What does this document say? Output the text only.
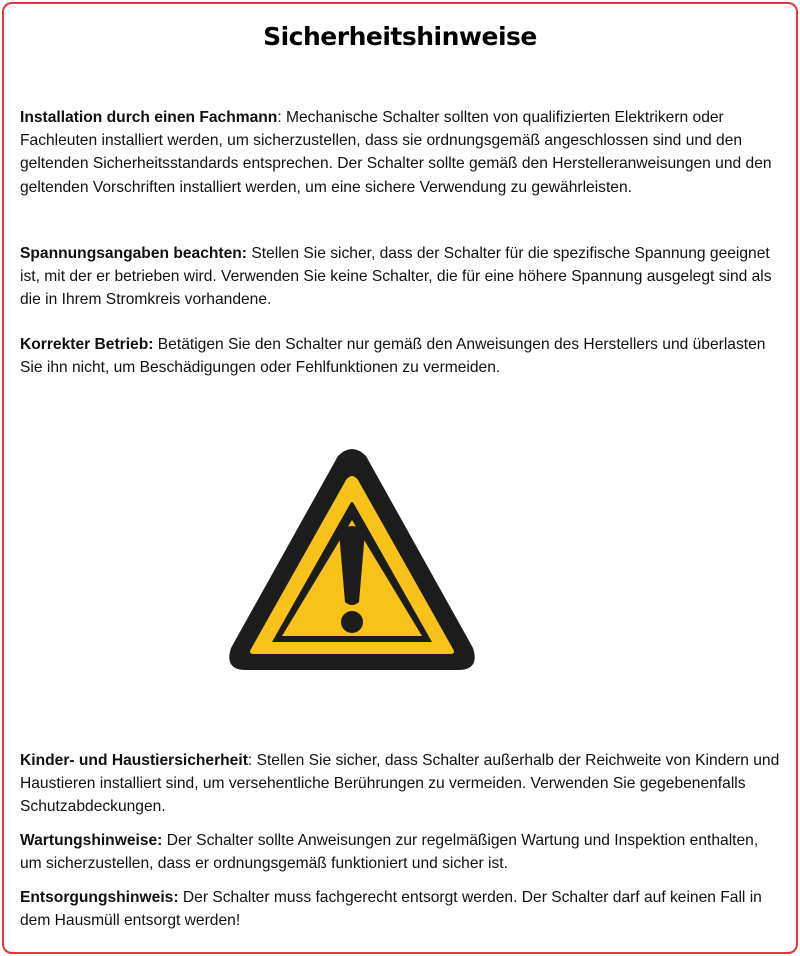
Sicherheitshinweise

Installation durch einen Fachmann: Mechanische Schalter sollten von qualifizierten Elektrikern oder Fachleuten installiert werden, um sicherzustellen, dass sie ordnungsgemäß angeschlossen sind und den geltenden Sicherheitsstandards entsprechen. Der Schalter sollte gemäß den Herstelleranweisungen und den geltenden Vorschriften installiert werden, um eine sichere Verwendung zu gewährleisten.

Spannungsangaben beachten: Stellen Sie sicher, dass der Schalter für die spezifische Spannung geeignet ist, mit der er betrieben wird. Verwenden Sie keine Schalter, die für eine höhere Spannung ausgelegt sind als die in Ihrem Stromkreis vorhandene.

Korrekter Betrieb: Betätigen Sie den Schalter nur gemäß den Anweisungen des Herstellers und überlasten Sie ihn nicht, um Beschädigungen oder Fehlfunktionen zu vermeiden.

Kinder- und Haustiersicherheit: Stellen Sie sicher, dass Schalter außerhalb der Reichweite von Kindern und Haustieren installiert sind, um versehentliche Berührungen zu vermeiden. Verwenden Sie gegebenenfalls Schutzabdeckungen.

Wartungshinweise: Der Schalter sollte Anweisungen zur regelmäßigen Wartung und Inspektion enthalten, um sicherzustellen, dass er ordnungsgemäß funktioniert und sicher ist.

Entsorgungshinweis: Der Schalter muss fachgerecht entsorgt werden. Der Schalter darf auf keinen Fall in dem Hausmüll entsorgt werden!
